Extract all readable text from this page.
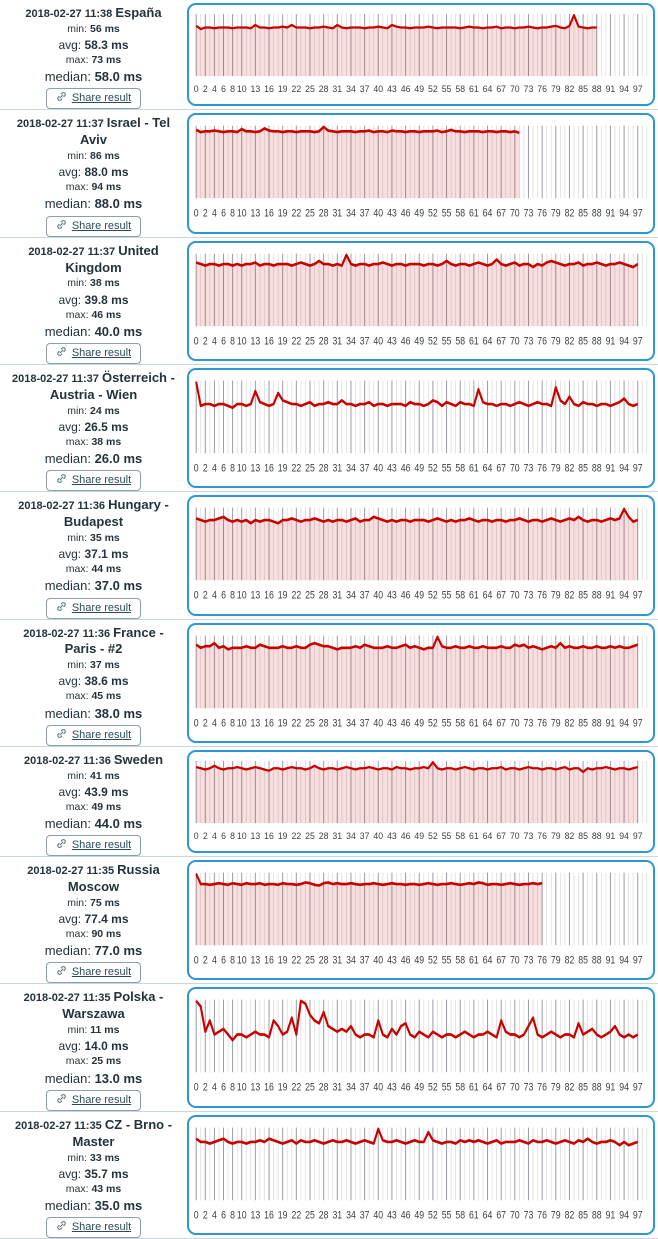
2018-02-27 11:38 España
min: 56 ms
avg: 58.3 ms
max: 73 ms
median: 58.0 ms
Share result
0 2 4 6 8 10 13 16 19 22 25 28 31 34 37 40 43 46 49 52 55 58 61 64 67 70 73 76 79 82 85 88 91 94 97
2018-02-27 11:37 Israel - Tel Aviv
min: 86 ms
avg: 88.0 ms
max: 94 ms
median: 88.0 ms
Share result
0 2 4 6 8 10 13 16 19 22 25 28 31 34 37 40 43 46 49 52 55 58 61 64 67 70 73 76 79 82 85 88 91 94 97
2018-02-27 11:37 United Kingdom
min: 38 ms
avg: 39.8 ms
max: 46 ms
median: 40.0 ms
Share result
0 2 4 6 8 10 13 16 19 22 25 28 31 34 37 40 43 46 49 52 55 58 61 64 67 70 73 76 79 82 85 88 91 94 97
2018-02-27 11:37 Österreich - Austria - Wien
min: 24 ms
avg: 26.5 ms
max: 38 ms
median: 26.0 ms
Share result
0 2 4 6 8 10 13 16 19 22 25 28 31 34 37 40 43 46 49 52 55 58 61 64 67 70 73 76 79 82 85 88 91 94 97
2018-02-27 11:36 Hungary - Budapest
min: 35 ms
avg: 37.1 ms
max: 44 ms
median: 37.0 ms
Share result
0 2 4 6 8 10 13 16 19 22 25 28 31 34 37 40 43 46 49 52 55 58 61 64 67 70 73 76 79 82 85 88 91 94 97
2018-02-27 11:36 France - Paris - #2
min: 37 ms
avg: 38.6 ms
max: 45 ms
median: 38.0 ms
Share result
0 2 4 6 8 10 13 16 19 22 25 28 31 34 37 40 43 46 49 52 55 58 61 64 67 70 73 76 79 82 85 88 91 94 97
2018-02-27 11:36 Sweden
min: 41 ms
avg: 43.9 ms
max: 49 ms
median: 44.0 ms
Share result
0 2 4 6 8 10 13 16 19 22 25 28 31 34 37 40 43 46 49 52 55 58 61 64 67 70 73 76 79 82 85 88 91 94 97
2018-02-27 11:35 Russia Moscow
min: 75 ms
avg: 77.4 ms
max: 90 ms
median: 77.0 ms
Share result
0 2 4 6 8 10 13 16 19 22 25 28 31 34 37 40 43 46 49 52 55 58 61 64 67 70 73 76 79 82 85 88 91 94 97
2018-02-27 11:35 Polska - Warszawa
min: 11 ms
avg: 14.0 ms
max: 25 ms
median: 13.0 ms
Share result
0 2 4 6 8 10 13 16 19 22 25 28 31 34 37 40 43 46 49 52 55 58 61 64 67 70 73 76 79 82 85 88 91 94 97
2018-02-27 11:35 CZ - Brno - Master
min: 33 ms
avg: 35.7 ms
max: 43 ms
median: 35.0 ms
Share result
0 2 4 6 8 10 13 16 19 22 25 28 31 34 37 40 43 46 49 52 55 58 61 64 67 70 73 76 79 82 85 88 91 94 97
